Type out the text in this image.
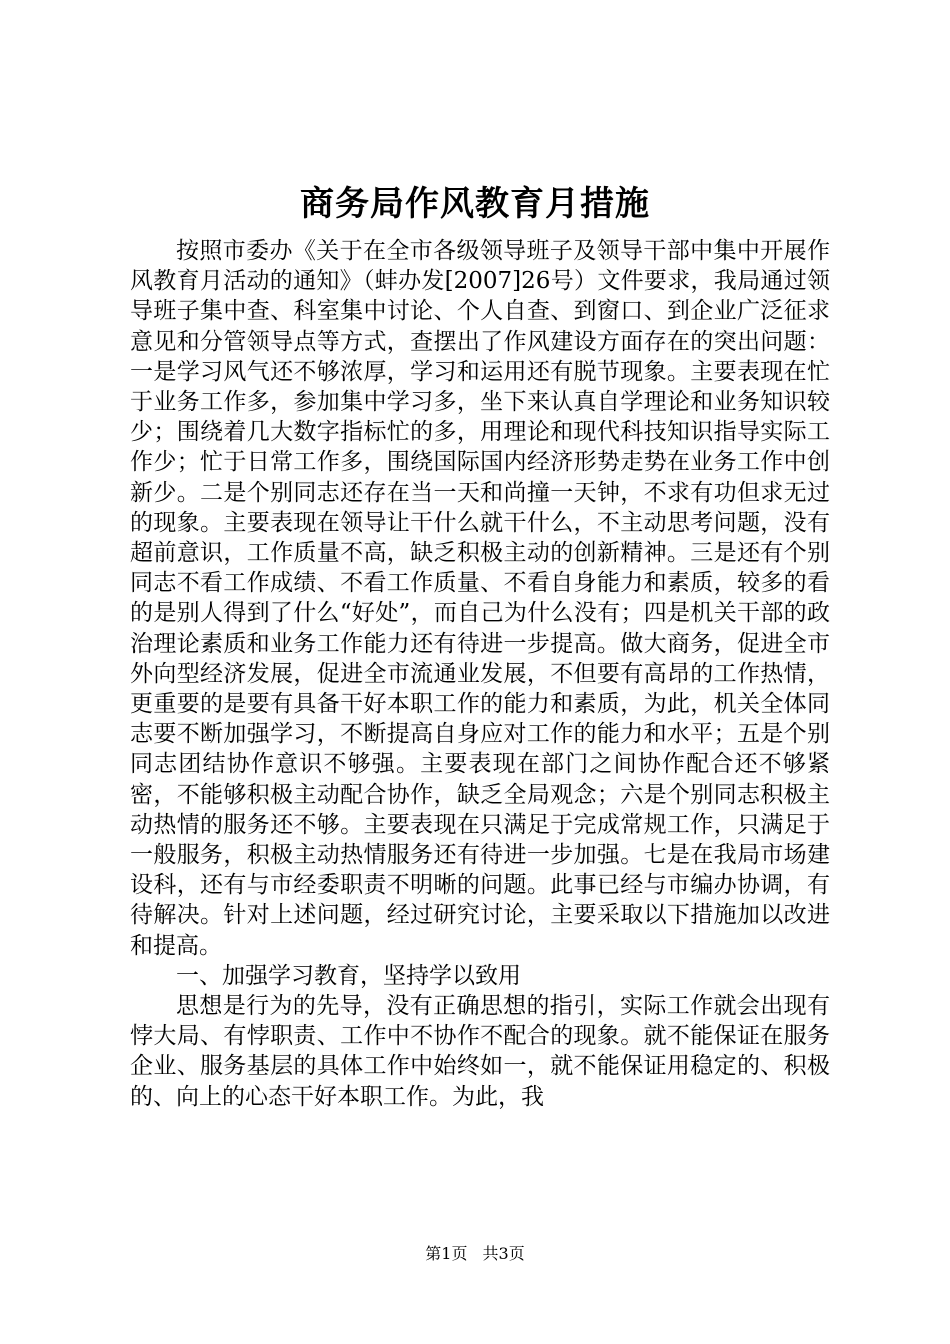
商务局作风教育月措施

按照市委办《关于在全市各级领导班子及领导干部中集中开展作风教育月活动的通知》（蚌办发[2007]26号）文件要求，我局通过领导班子集中查、科室集中讨论、个人自查、到窗口、到企业广泛征求意见和分管领导点等方式，查摆出了作风建设方面存在的突出问题：一是学习风气还不够浓厚，学习和运用还有脱节现象。主要表现在忙于业务工作多，参加集中学习多，坐下来认真自学理论和业务知识较少；围绕着几大数字指标忙的多，用理论和现代科技知识指导实际工作少；忙于日常工作多，围绕国际国内经济形势走势在业务工作中创新少。二是个别同志还存在当一天和尚撞一天钟，不求有功但求无过的现象。主要表现在领导让干什么就干什么，不主动思考问题，没有超前意识，工作质量不高，缺乏积极主动的创新精神。三是还有个别同志不看工作成绩、不看工作质量、不看自身能力和素质，较多的看的是别人得到了什么“好处”，而自己为什么没有；四是机关干部的政治理论素质和业务工作能力还有待进一步提高。做大商务，促进全市外向型经济发展，促进全市流通业发展，不但要有高昂的工作热情，更重要的是要有具备干好本职工作的能力和素质，为此，机关全体同志要不断加强学习，不断提高自身应对工作的能力和水平；五是个别同志团结协作意识不够强。主要表现在部门之间协作配合还不够紧密，不能够积极主动配合协作，缺乏全局观念；六是个别同志积极主动热情的服务还不够。主要表现在只满足于完成常规工作，只满足于一般服务，积极主动热情服务还有待进一步加强。七是在我局市场建设科，还有与市经委职责不明晰的问题。此事已经与市编办协调，有待解决。针对上述问题，经过研究讨论，主要采取以下措施加以改进和提高。

一、加强学习教育，坚持学以致用

思想是行为的先导，没有正确思想的指引，实际工作就会出现有悖大局、有悖职责、工作中不协作不配合的现象。就不能保证在服务企业、服务基层的具体工作中始终如一，就不能保证用稳定的、积极的、向上的心态干好本职工作。为此，我

第1页 共3页
